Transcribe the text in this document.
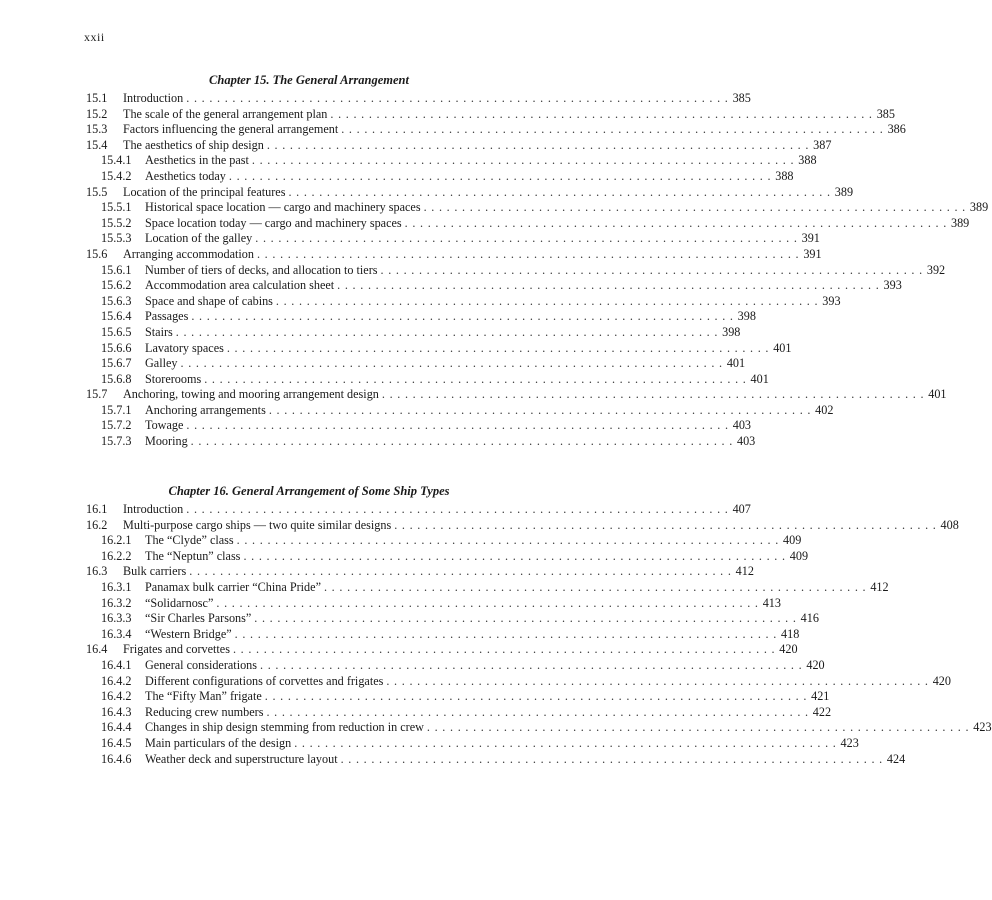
xxii
Chapter 15. The General Arrangement
15.1	Introduction . . .	385
15.2	The scale of the general arrangement plan . . .	385
15.3	Factors influencing the general arrangement . . .	386
15.4	The aesthetics of ship design . . .	387
15.4.1	Aesthetics in the past . . .	388
15.4.2	Aesthetics today . . .	388
15.5	Location of the principal features . . .	389
15.5.1	Historical space location — cargo and machinery spaces . . .	389
15.5.2	Space location today — cargo and machinery spaces . . .	389
15.5.3	Location of the galley . . .	391
15.6	Arranging accommodation . . .	391
15.6.1	Number of tiers of decks, and allocation to tiers . . .	392
15.6.2	Accommodation area calculation sheet . . .	393
15.6.3	Space and shape of cabins . . .	393
15.6.4	Passages . . .	398
15.6.5	Stairs . . .	398
15.6.6	Lavatory spaces . . .	401
15.6.7	Galley . . .	401
15.6.8	Storerooms . . .	401
15.7	Anchoring, towing and mooring arrangement design . . .	401
15.7.1	Anchoring arrangements . . .	402
15.7.2	Towage . . .	403
15.7.3	Mooring . . .	403
Chapter 16. General Arrangement of Some Ship Types
16.1	Introduction . . .	407
16.2	Multi-purpose cargo ships — two quite similar designs . . .	408
16.2.1	The “Clyde” class . . .	409
16.2.2	The “Neptun” class . . .	409
16.3	Bulk carriers . . .	412
16.3.1	Panamax bulk carrier “China Pride” . . .	412
16.3.2	“Solidarnosc” . . .	413
16.3.3	“Sir Charles Parsons” . . .	416
16.3.4	“Western Bridge” . . .	418
16.4	Frigates and corvettes . . .	420
16.4.1	General considerations . . .	420
16.4.2	Different configurations of corvettes and frigates . . .	420
16.4.2	The “Fifty Man” frigate . . .	421
16.4.3	Reducing crew numbers . . .	422
16.4.4	Changes in ship design stemming from reduction in crew . . .	423
16.4.5	Main particulars of the design . . .	423
16.4.6	Weather deck and superstructure layout . . .	424
